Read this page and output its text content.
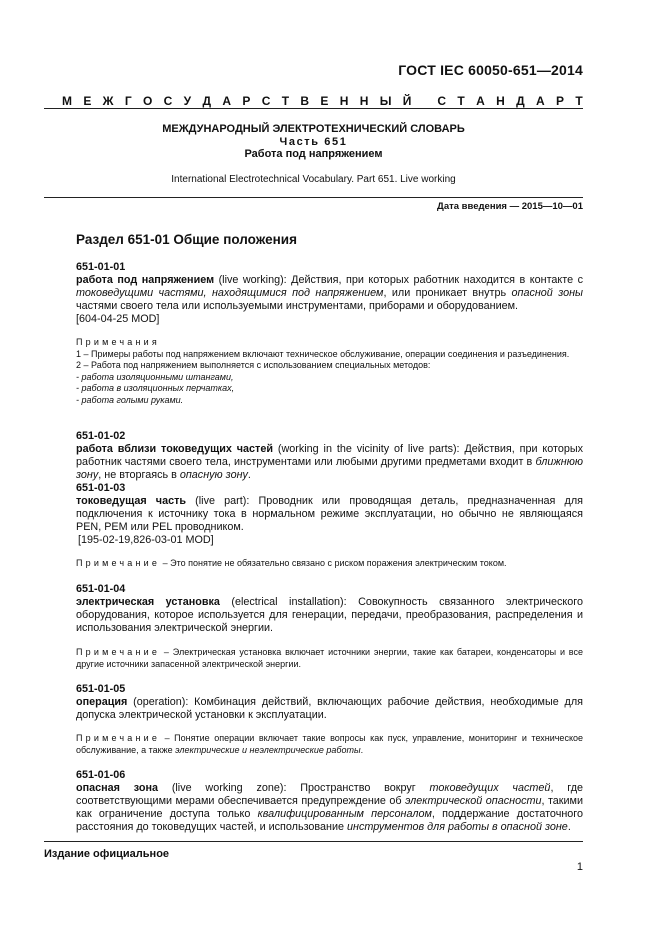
ГОСТ IEC 60050-651—2014
М Е Ж Г О С У Д А Р С Т В Е Н Н Ы Й
С Т А Н Д А Р Т
МЕЖДУНАРОДНЫЙ ЭЛЕКТРОТЕХНИЧЕСКИЙ СЛОВАРЬ
Часть 651
Работа под напряжением
International Electrotechnical Vocabulary. Part 651. Live working
Дата введения — 2015—10—01
Раздел 651-01 Общие положения

651-01-01

работа под напряжением (live working): Действия, при которых работник находится в контакте с токоведущими частями, находящимися под напряжением, или проникает внутрь опасной зоны частями своего тела или используемыми инструментами, приборами и оборудованием.

[604-04-25 MOD]

Примечания

1 – Примеры работы под напряжением включают техническое обслуживание, операции соединения и разъединения.

2 – Работа под напряжением выполняется с использованием специальных методов:

- работа изоляционными штангами,

- работа в изоляционных перчатках,

- работа голыми руками.

651-01-02

работа вблизи токоведущих частей (working in the vicinity of live parts): Действия, при которых работник частями своего тела, инструментами или любыми другими предметами входит в ближнюю зону, не вторгаясь в опасную зону.

651-01-03

токоведущая часть (live part): Проводник или проводящая деталь, предназначенная для подключения к источнику тока в нормальном режиме эксплуатации, но обычно не являющаяся PEN, PEM или PEL проводником.

[195-02-19,826-03-01 MOD]

Примечание – Это понятие не обязательно связано с риском поражения электрическим током.

651-01-04

электрическая установка (electrical installation): Совокупность связанного электрического оборудования, которое используется для генерации, передачи, преобразования, распределения и использования электрической энергии.

Примечание – Электрическая установка включает источники энергии, такие как батареи, конденсаторы и все другие источники запасенной электрической энергии.

651-01-05

операция (operation): Комбинация действий, включающих рабочие действия, необходимые для допуска электрической установки к эксплуатации.

Примечание – Понятие операции включает такие вопросы как пуск, управление, мониторинг и техническое обслуживание, а также электрические и неэлектрические работы.

651-01-06

опасная зона (live working zone): Пространство вокруг токоведущих частей, где соответствующими мерами обеспечивается предупреждение об электрической опасности, такими как ограничение доступа только квалифицированным персоналом, поддержание достаточного расстояния до токоведущих частей, и использование инструментов для работы в опасной зоне.

Издание официальное
1
